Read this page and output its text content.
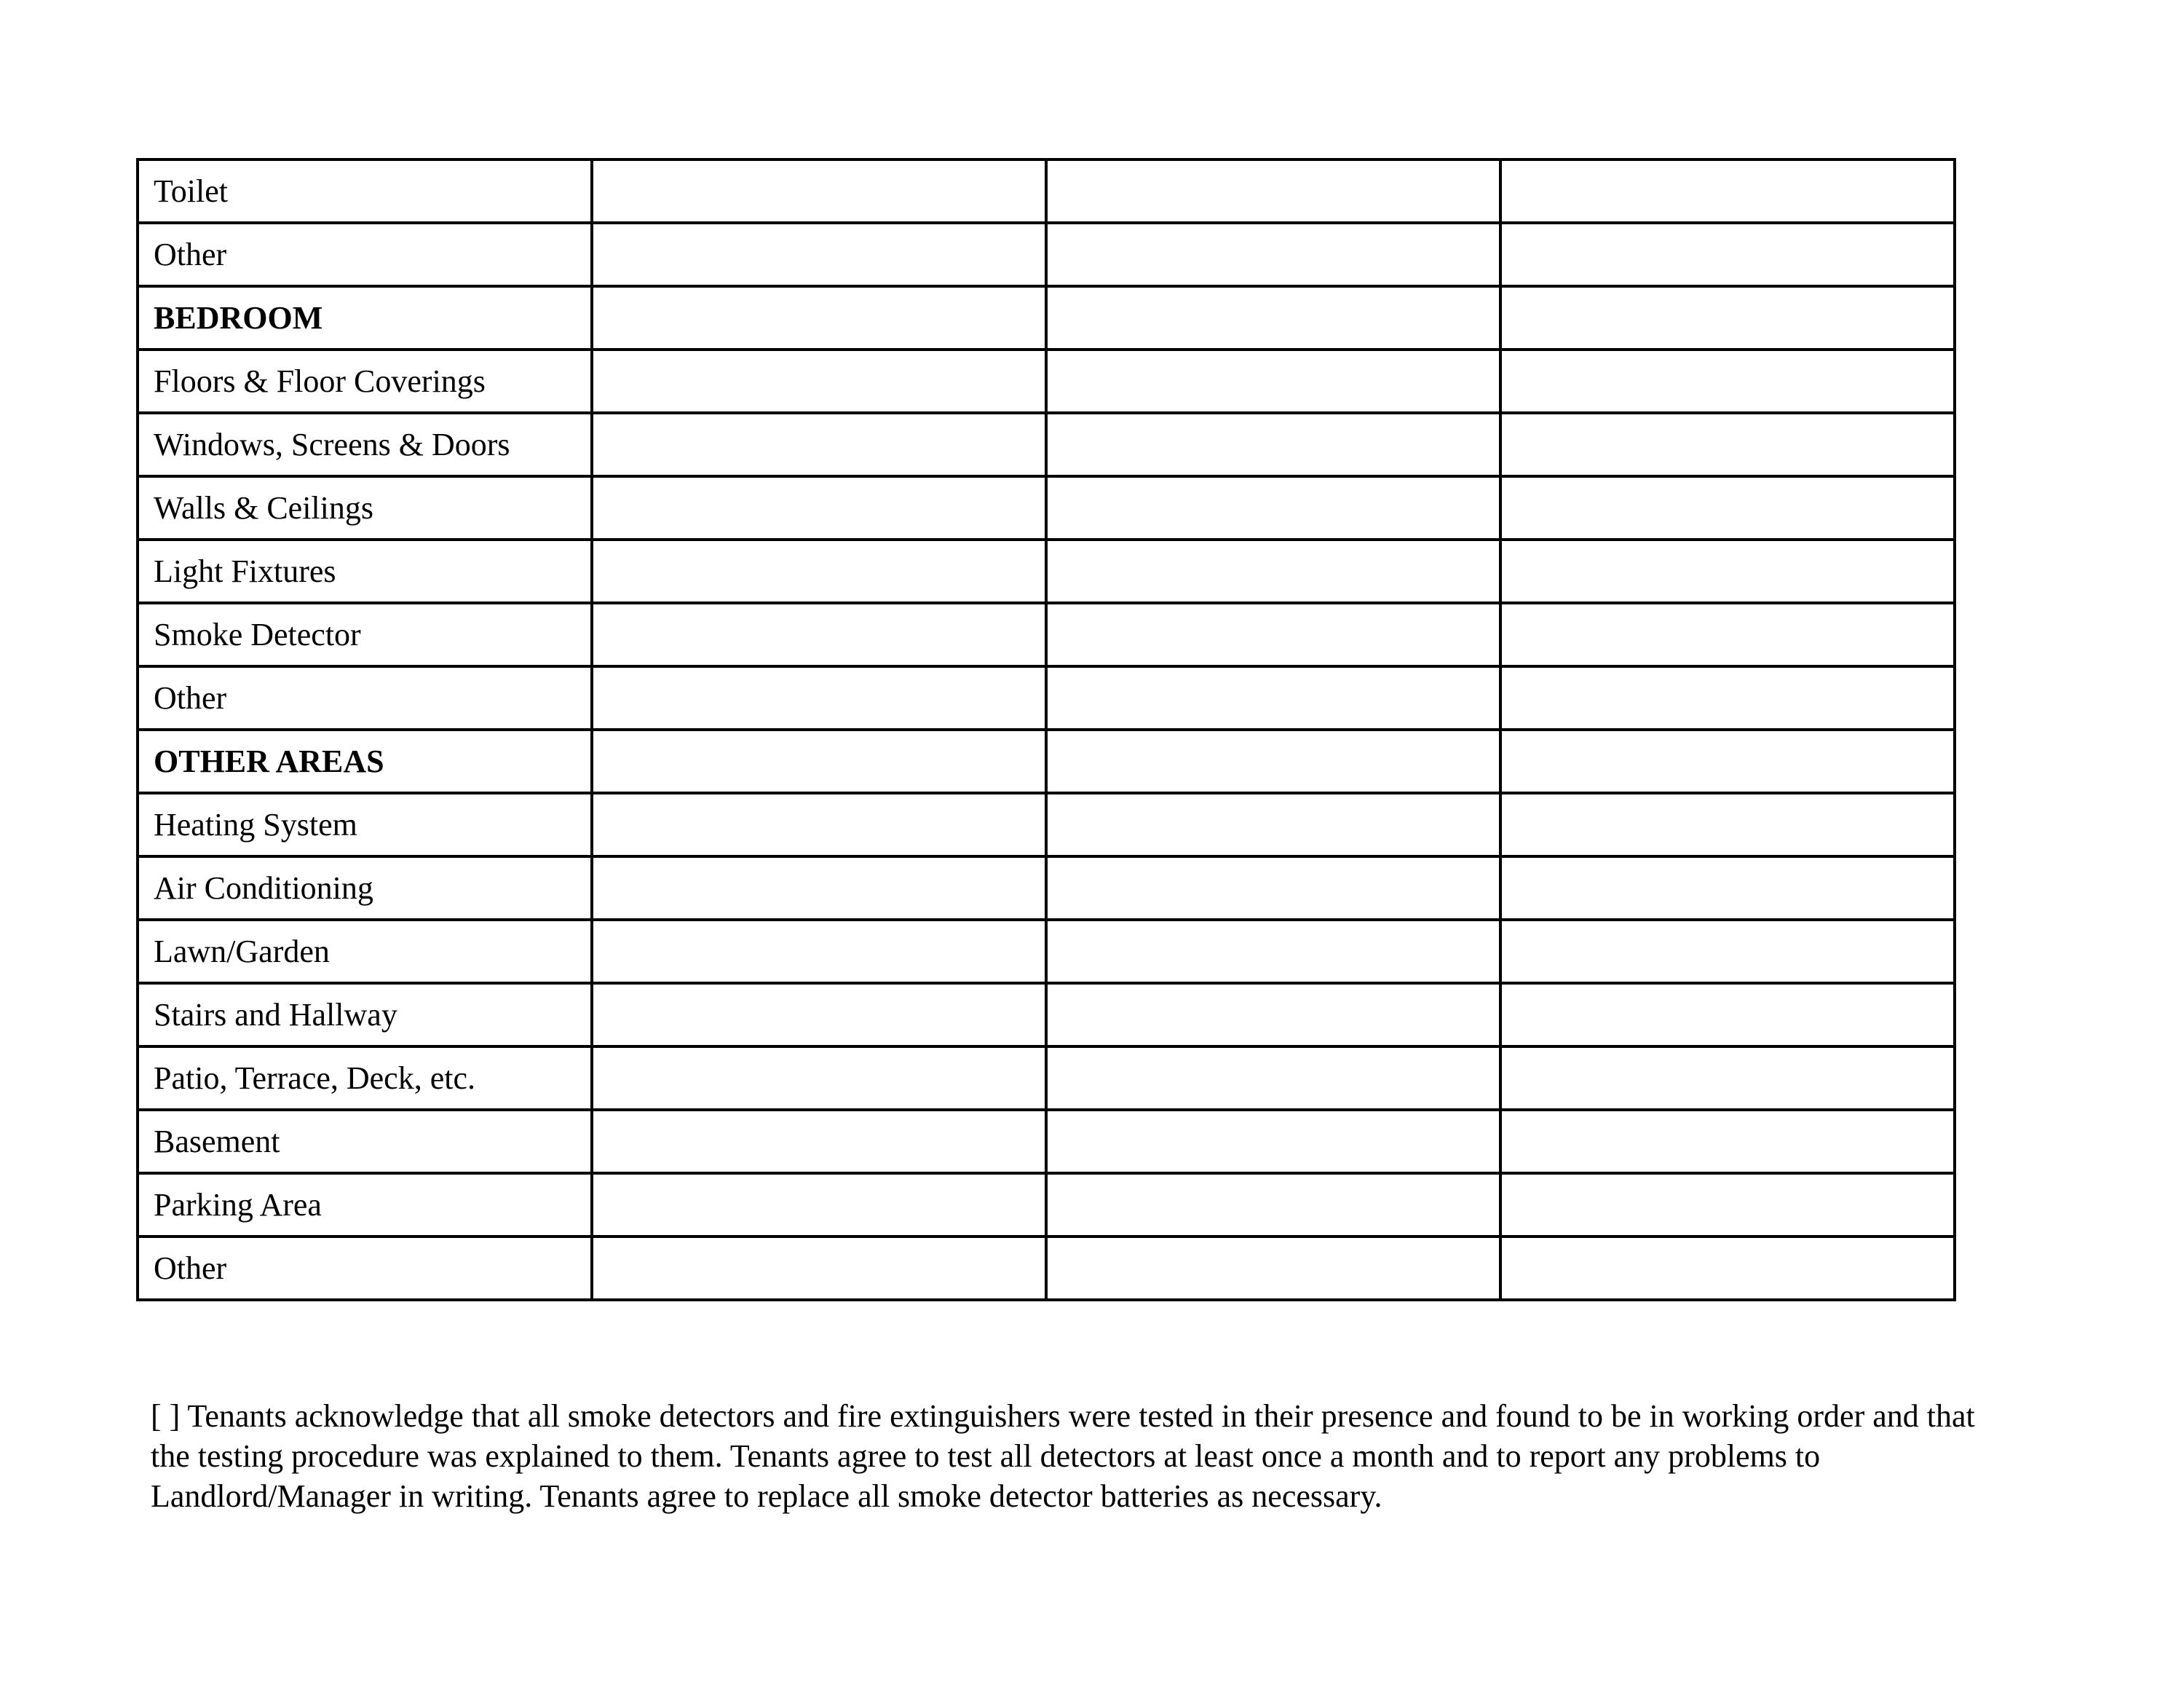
Toilet			
Other			
BEDROOM			
Floors & Floor Coverings			
Windows, Screens & Doors			
Walls & Ceilings			
Light Fixtures			
Smoke Detector			
Other			
OTHER AREAS			
Heating System			
Air Conditioning			
Lawn/Garden			
Stairs and Hallway			
Patio, Terrace, Deck, etc.			
Basement			
Parking Area			
Other			

[ ] Tenants acknowledge that all smoke detectors and fire extinguishers were tested in their presence and found to be in working order and that the testing procedure was explained to them. Tenants agree to test all detectors at least once a month and to report any problems to Landlord/Manager in writing. Tenants agree to replace all smoke detector batteries as necessary.
